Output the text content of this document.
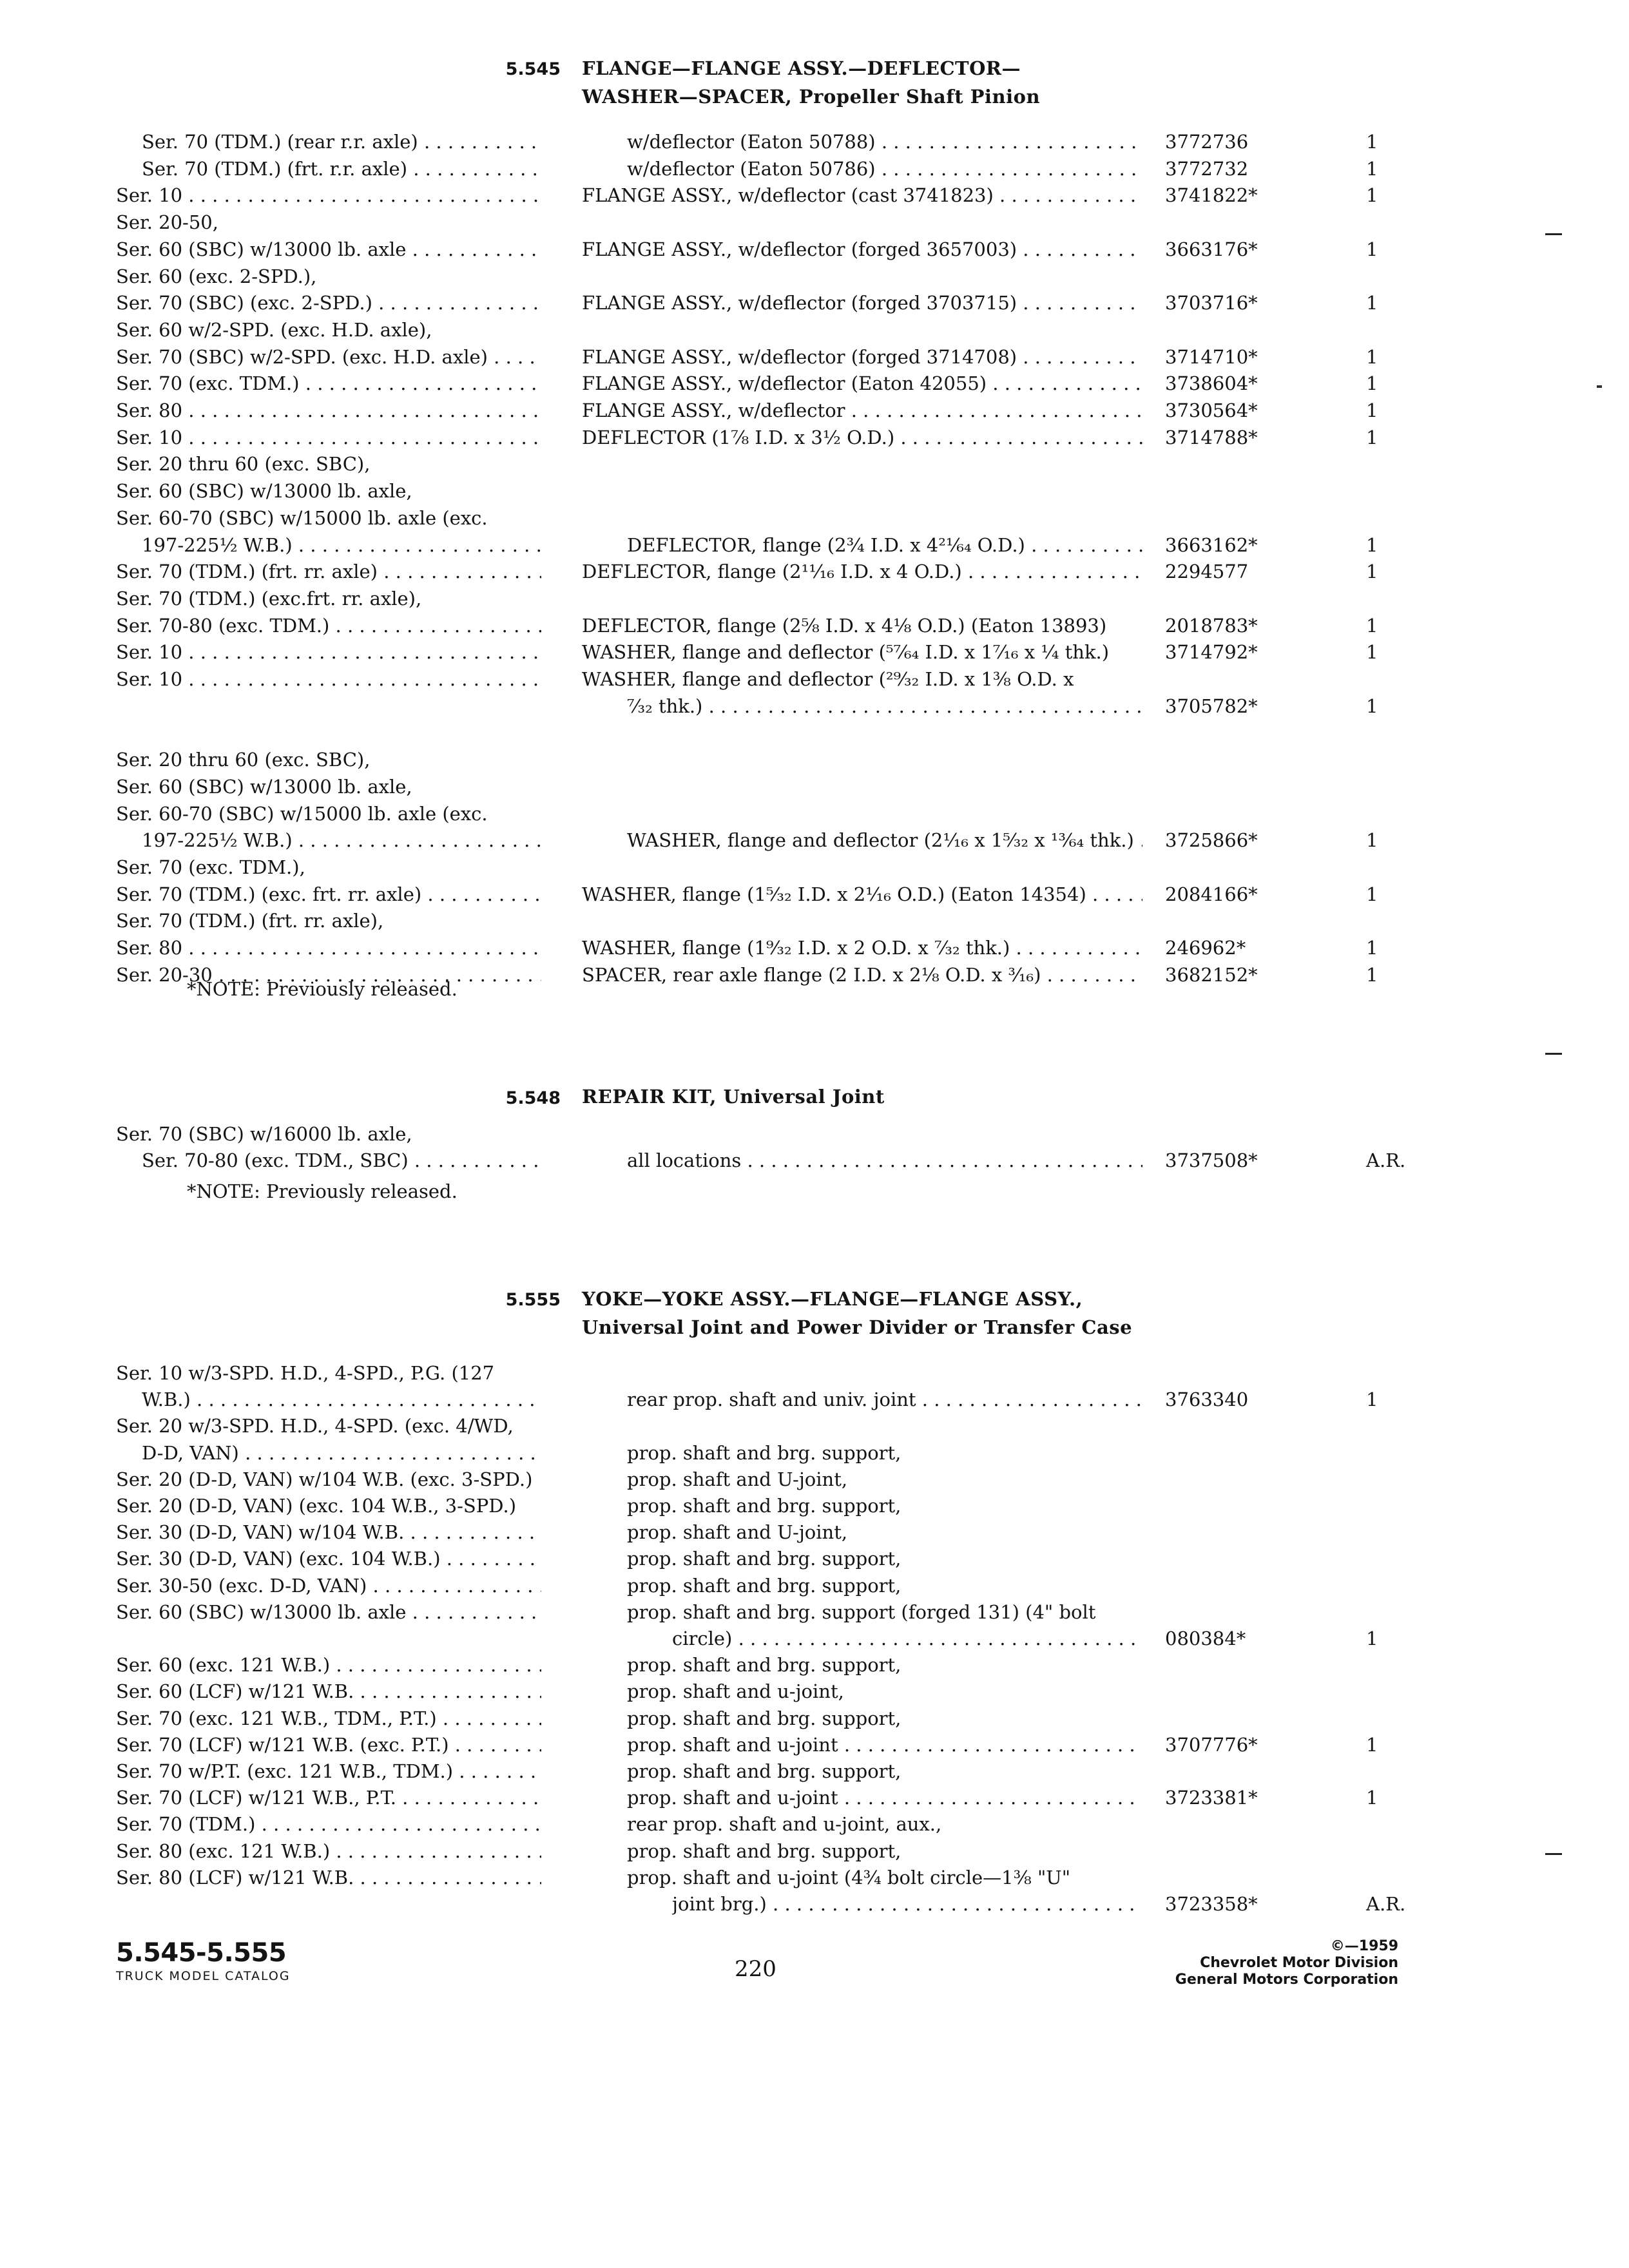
5.545 FLANGE—FLANGE ASSY.—DEFLECTOR—
WASHER—SPACER, Propeller Shaft Pinion
Ser. 70 (TDM.) (rear r.r. axle) . . .	w/deflector (Eaton 50788) . . .	3772736	1
Ser. 70 (TDM.) (frt. r.r. axle) . . .	w/deflector (Eaton 50786) . . .	3772732	1
Ser. 10 . . .	FLANGE ASSY., w/deflector (cast 3741823) . . .	3741822*	1
Ser. 20-50,
Ser. 60 (SBC) w/13000 lb. axle . . .	FLANGE ASSY., w/deflector (forged 3657003) . . .	3663176*	1
Ser. 60 (exc. 2-SPD.),
Ser. 70 (SBC) (exc. 2-SPD.) . . .	FLANGE ASSY., w/deflector (forged 3703715) . . .	3703716*	1
Ser. 60 w/2-SPD. (exc. H.D. axle),
Ser. 70 (SBC) w/2-SPD. (exc. H.D. axle) . . .	FLANGE ASSY., w/deflector (forged 3714708) . . .	3714710*	1
Ser. 70 (exc. TDM.) . . .	FLANGE ASSY., w/deflector (Eaton 42055) . . .	3738604*	1
Ser. 80 . . .	FLANGE ASSY., w/deflector . . .	3730564*	1
Ser. 10 . . .	DEFLECTOR (1⅞ I.D. x 3½ O.D.) . . .	3714788*	1
Ser. 20 thru 60 (exc. SBC),
Ser. 60 (SBC) w/13000 lb. axle,
Ser. 60-70 (SBC) w/15000 lb. axle (exc.
197-225½ W.B.) . . .	DEFLECTOR, flange (2¾ I.D. x 4²¹⁄₆₄ O.D.) . . .	3663162*	1
Ser. 70 (TDM.) (frt. rr. axle) . . .	DEFLECTOR, flange (2¹¹⁄₁₆ I.D. x 4 O.D.) . . .	2294577	1
Ser. 70 (TDM.) (exc.frt. rr. axle),
Ser. 70-80 (exc. TDM.) . . .	DEFLECTOR, flange (2⅝ I.D. x 4⅛ O.D.) (Eaton 13893)	2018783*	1
Ser. 10 . . .	WASHER, flange and deflector (⁵⁷⁄₆₄ I.D. x 1⁷⁄₁₆ x ¼ thk.)	3714792*	1
Ser. 10 . . .	WASHER, flange and deflector (²⁹⁄₃₂ I.D. x 1⅜ O.D. x
⁷⁄₃₂ thk.) . . .	3705782*	1
Ser. 20 thru 60 (exc. SBC),
Ser. 60 (SBC) w/13000 lb. axle,
Ser. 60-70 (SBC) w/15000 lb. axle (exc.
197-225½ W.B.) . . .	WASHER, flange and deflector (2¹⁄₁₆ x 1⁵⁄₃₂ x ¹³⁄₆₄ thk.) . . .	3725866*	1
Ser. 70 (exc. TDM.),
Ser. 70 (TDM.) (exc. frt. rr. axle) . . .	WASHER, flange (1⁵⁄₃₂ I.D. x 2¹⁄₁₆ O.D.) (Eaton 14354) . . .	2084166*	1
Ser. 70 (TDM.) (frt. rr. axle),
Ser. 80 . . .	WASHER, flange (1⁹⁄₃₂ I.D. x 2 O.D. x ⁷⁄₃₂ thk.) . . .	246962*	1
Ser. 20-30 . . .	SPACER, rear axle flange (2 I.D. x 2⅛ O.D. x ³⁄₁₆) . . .	3682152*	1
*NOTE: Previously released.
5.548 REPAIR KIT, Universal Joint
Ser. 70 (SBC) w/16000 lb. axle,
Ser. 70-80 (exc. TDM., SBC) . . .	all locations . . .	3737508*	A.R.
*NOTE: Previously released.
5.555 YOKE—YOKE ASSY.—FLANGE—FLANGE ASSY.,
Universal Joint and Power Divider or Transfer Case
Ser. 10 w/3-SPD. H.D., 4-SPD., P.G. (127
W.B.) . . .	rear prop. shaft and univ. joint . . .	3763340	1
Ser. 20 w/3-SPD. H.D., 4-SPD. (exc. 4/WD,
D-D, VAN) . . .	prop. shaft and brg. support,
Ser. 20 (D-D, VAN) w/104 W.B. (exc. 3-SPD.)	prop. shaft and U-joint,
Ser. 20 (D-D, VAN) (exc. 104 W.B., 3-SPD.)	prop. shaft and brg. support,
Ser. 30 (D-D, VAN) w/104 W.B. . . .	prop. shaft and U-joint,
Ser. 30 (D-D, VAN) (exc. 104 W.B.) . . .	prop. shaft and brg. support,
Ser. 30-50 (exc. D-D, VAN) . . .	prop. shaft and brg. support,
Ser. 60 (SBC) w/13000 lb. axle . . .	prop. shaft and brg. support (forged 131) (4" bolt
circle) . . .	080384*	1
Ser. 60 (exc. 121 W.B.) . . .	prop. shaft and brg. support,
Ser. 60 (LCF) w/121 W.B. . . .	prop. shaft and u-joint,
Ser. 70 (exc. 121 W.B., TDM., P.T.) . . .	prop. shaft and brg. support,
Ser. 70 (LCF) w/121 W.B. (exc. P.T.) . . .	prop. shaft and u-joint . . .	3707776*	1
Ser. 70 w/P.T. (exc. 121 W.B., TDM.) . . .	prop. shaft and brg. support,
Ser. 70 (LCF) w/121 W.B., P.T. . . .	prop. shaft and u-joint . . .	3723381*	1
Ser. 70 (TDM.) . . .	rear prop. shaft and u-joint, aux.,
Ser. 80 (exc. 121 W.B.) . . .	prop. shaft and brg. support,
Ser. 80 (LCF) w/121 W.B. . . .	prop. shaft and u-joint (4¾ bolt circle—1⅜ "U"
joint brg.) . . .	3723358*	A.R.
5.545-5.555
TRUCK MODEL CATALOG	220
©—1959
Chevrolet Motor Division
General Motors Corporation
